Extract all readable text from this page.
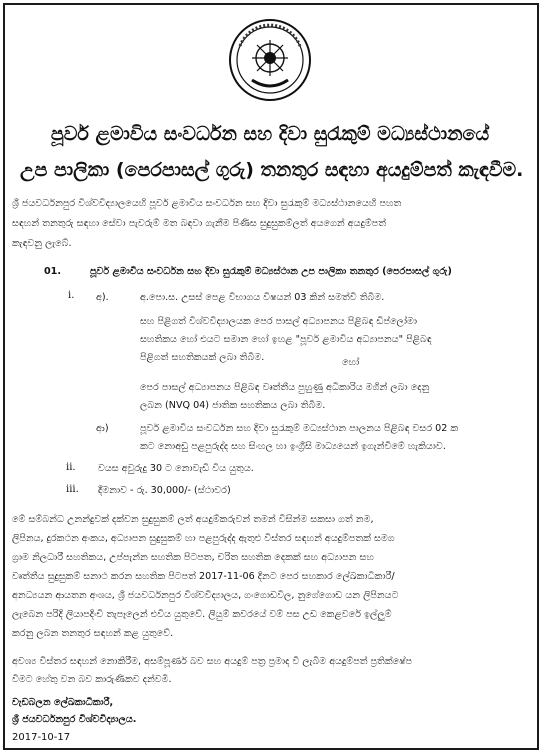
පූර්ව ළමාවිය සංවර්ධන සහ දිවා සුරැකුම් මධ්‍යස්ථානයේ
උප පාලිකා (පෙරපාසල් ගුරු) තනතුර සඳහා අයදුම්පත් කැඳවීම.
ශ්‍රී ජයවර්ධනපුර විශ්වවිද්‍යාලයෙහි පූර්ව ළමාවිය සංවර්ධන සහ දිවා සුරැකුම් මධ්‍යස්ථානයෙහි පහත
සඳහන් තනතුරු සඳහා සේවා පැවරුම් මත බඳවා ගැනීම පිණිස සුදුසුකම්ලත් අයගෙන් අයදුම්පත්
කැඳවනු ලැබේ.
01.	පූර්ව ළමාවිය සංවර්ධන සහ දිවා සුරැකුම් මධ්‍යස්ථාන උප පාලිකා තනතුර (පෙරපාසල් ගුරු)
i. අ).	අ.පො.ස. උසස් පෙළ විභාගය විෂයන් 03 කින් සමත්වී තිබීම.
සහ පිළිගත් විශ්වවිද්‍යාලයක පෙර පාසල් අධ්‍යාපනය පිළිබඳ ඩිප්ලෝමා
සහතිකය හෝ එයට සමාන හෝ ඉහළ "පූර්ව ළමාවිය අධ්‍යාපනය" පිළිබඳ
පිළිගත් සහතිකයක් ලබා තිබීම.	හෝ
පෙර පාසල් අධ්‍යාපනය පිළිබඳ වෘත්තීය පුහුණු අධිකාරිය මගින් ලබා දෙනු
ලබන (NVQ 04) ජාතික සහතිකය ලබා තිබීම.
ආ)	පූර්ව ළමාවිය සංවර්ධන සහ දිවා සුරැකුම් මධ්‍යස්ථාන පාලනය පිළිබඳ වසර 02 ක
කට නොඅඩු පළපුරුද්ද සහ සිංහල හා ඉංග්‍රීසි මාධ්‍යයෙන් ඉගැන්වීමේ හැකියාව.
ii. වයස අවුරුදු 30 ට නොවැඩි විය යුතුය.
iii. දීමනාව - රු. 30,000/- (ස්ථාවර)
මේ සම්බන්ධ උනන්දුවක් දක්වන සුදුසුකම් ලත් අයදුම්කරුවන් තමන් විසින්ම සකසා ගත් නම,
ලිපිනය, දුරකථන අංකය, අධ්‍යාපන සුදුසුකම් හා පළපුරුද්ද ඇතුළු විස්තර සඳහන් අයදුම්පතක් සමග
ග්‍රාම නිලධාරී සහතිකය, උප්පැන්න සහතික පිටපත, චරිත සහතික දෙකක් සහ අධ්‍යාපන සහ
වෘත්තීය සුදුසුකම් සනාථ කරන සහතික පිටපත් 2017-11-06 දිනට පෙර සහකාර ලේඛකාධිකාරී/
අනධ්‍යයන ආයතන අංශය, ශ්‍රී ජයවර්ධනපුර විශ්වවිද්‍යාලය, ගංගොඩවිල, නුගේගොඩ යන ලිපිනයට
ලැබෙන පරිදි ලියාපදිංචි තැපෑලෙන් එවිය යුතුවේ. ලියුම් කවරයේ වම් පස උඩ කෙළවරේ ඉල්ලුම්
කරනු ලබන තනතුර සඳහන් කළ යුතුවේ.
අවශ්‍ය විස්තර සඳහන් නොකිරීම, අසම්පූර්ණ බව සහ අයදුම් පත්‍ර ප්‍රමාද වී ලැබීම අයදුම්පත් ප්‍රතික්ෂේප
වීමට හේතු වන බව කාරුණිකව දන්වමි.
වැඩබලන ලේඛකාධිකාරී,
ශ්‍රී ජයවර්ධනපුර විශ්වවිද්‍යාලය.
2017-10-17
